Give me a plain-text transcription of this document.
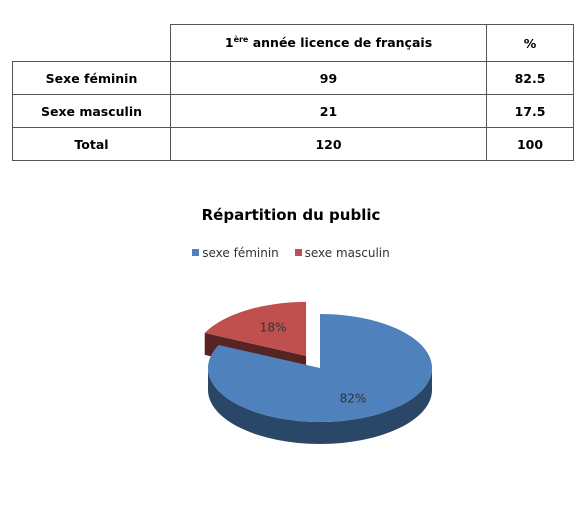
	1ère année licence de français	%
Sexe féminin	99	82.5
Sexe masculin	21	17.5
Total	120	100
Répartition du public
sexe féminin sexe masculin
18%
82%
